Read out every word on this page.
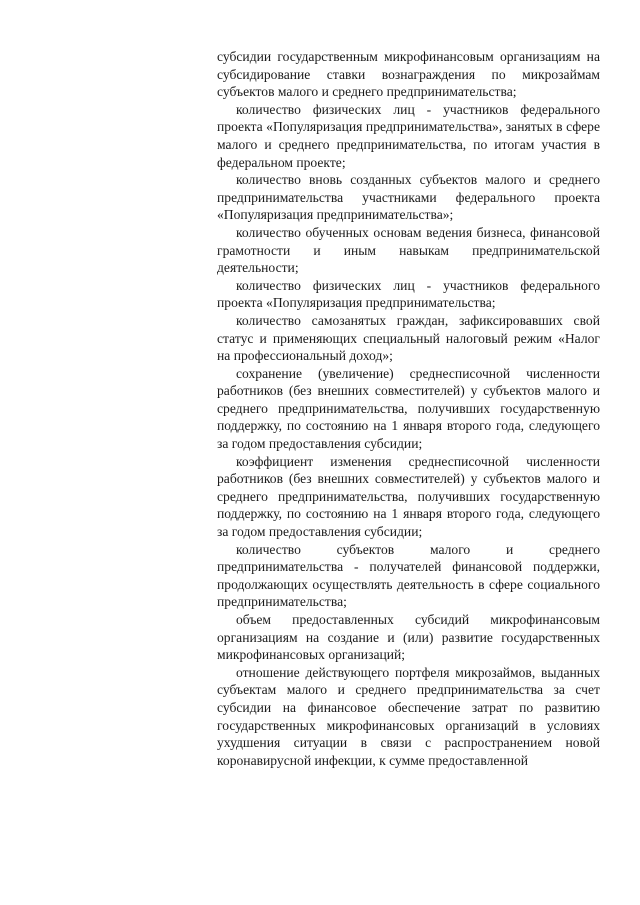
субсидии государственным микрофинансовым организациям на субсидирование ставки вознаграждения по микрозаймам субъектов малого и среднего предпринимательства;

количество физических лиц - участников федерального проекта «Популяризация предпринимательства», занятых в сфере малого и среднего предпринимательства, по итогам участия в федеральном проекте;

количество вновь созданных субъектов малого и среднего предпринимательства участниками федерального проекта «Популяризация предпринимательства»;

количество обученных основам ведения бизнеса, финансовой грамотности и иным навыкам предпринимательской деятельности;

количество физических лиц - участников федерального проекта «Популяризация предпринимательства;

количество самозанятых граждан, зафиксировавших свой статус и применяющих специальный налоговый режим «Налог на профессиональный доход»;

сохранение (увеличение) среднесписочной численности работников (без внешних совместителей) у субъектов малого и среднего предпринимательства, получивших государственную поддержку, по состоянию на 1 января второго года, следующего за годом предоставления субсидии;

коэффициент изменения среднесписочной численности работников (без внешних совместителей) у субъектов малого и среднего предпринимательства, получивших государственную поддержку, по состоянию на 1 января второго года, следующего за годом предоставления субсидии;

количество субъектов малого и среднего предпринимательства - получателей финансовой поддержки, продолжающих осуществлять деятельность в сфере социального предпринимательства;

объем предоставленных субсидий микрофинансовым организациям на создание и (или) развитие государственных микрофинансовых организаций;

отношение действующего портфеля микрозаймов, выданных субъектам малого и среднего предпринимательства за счет субсидии на финансовое обеспечение затрат по развитию государственных микрофинансовых организаций в условиях ухудшения ситуации в связи с распространением новой коронавирусной инфекции, к сумме предоставленной
